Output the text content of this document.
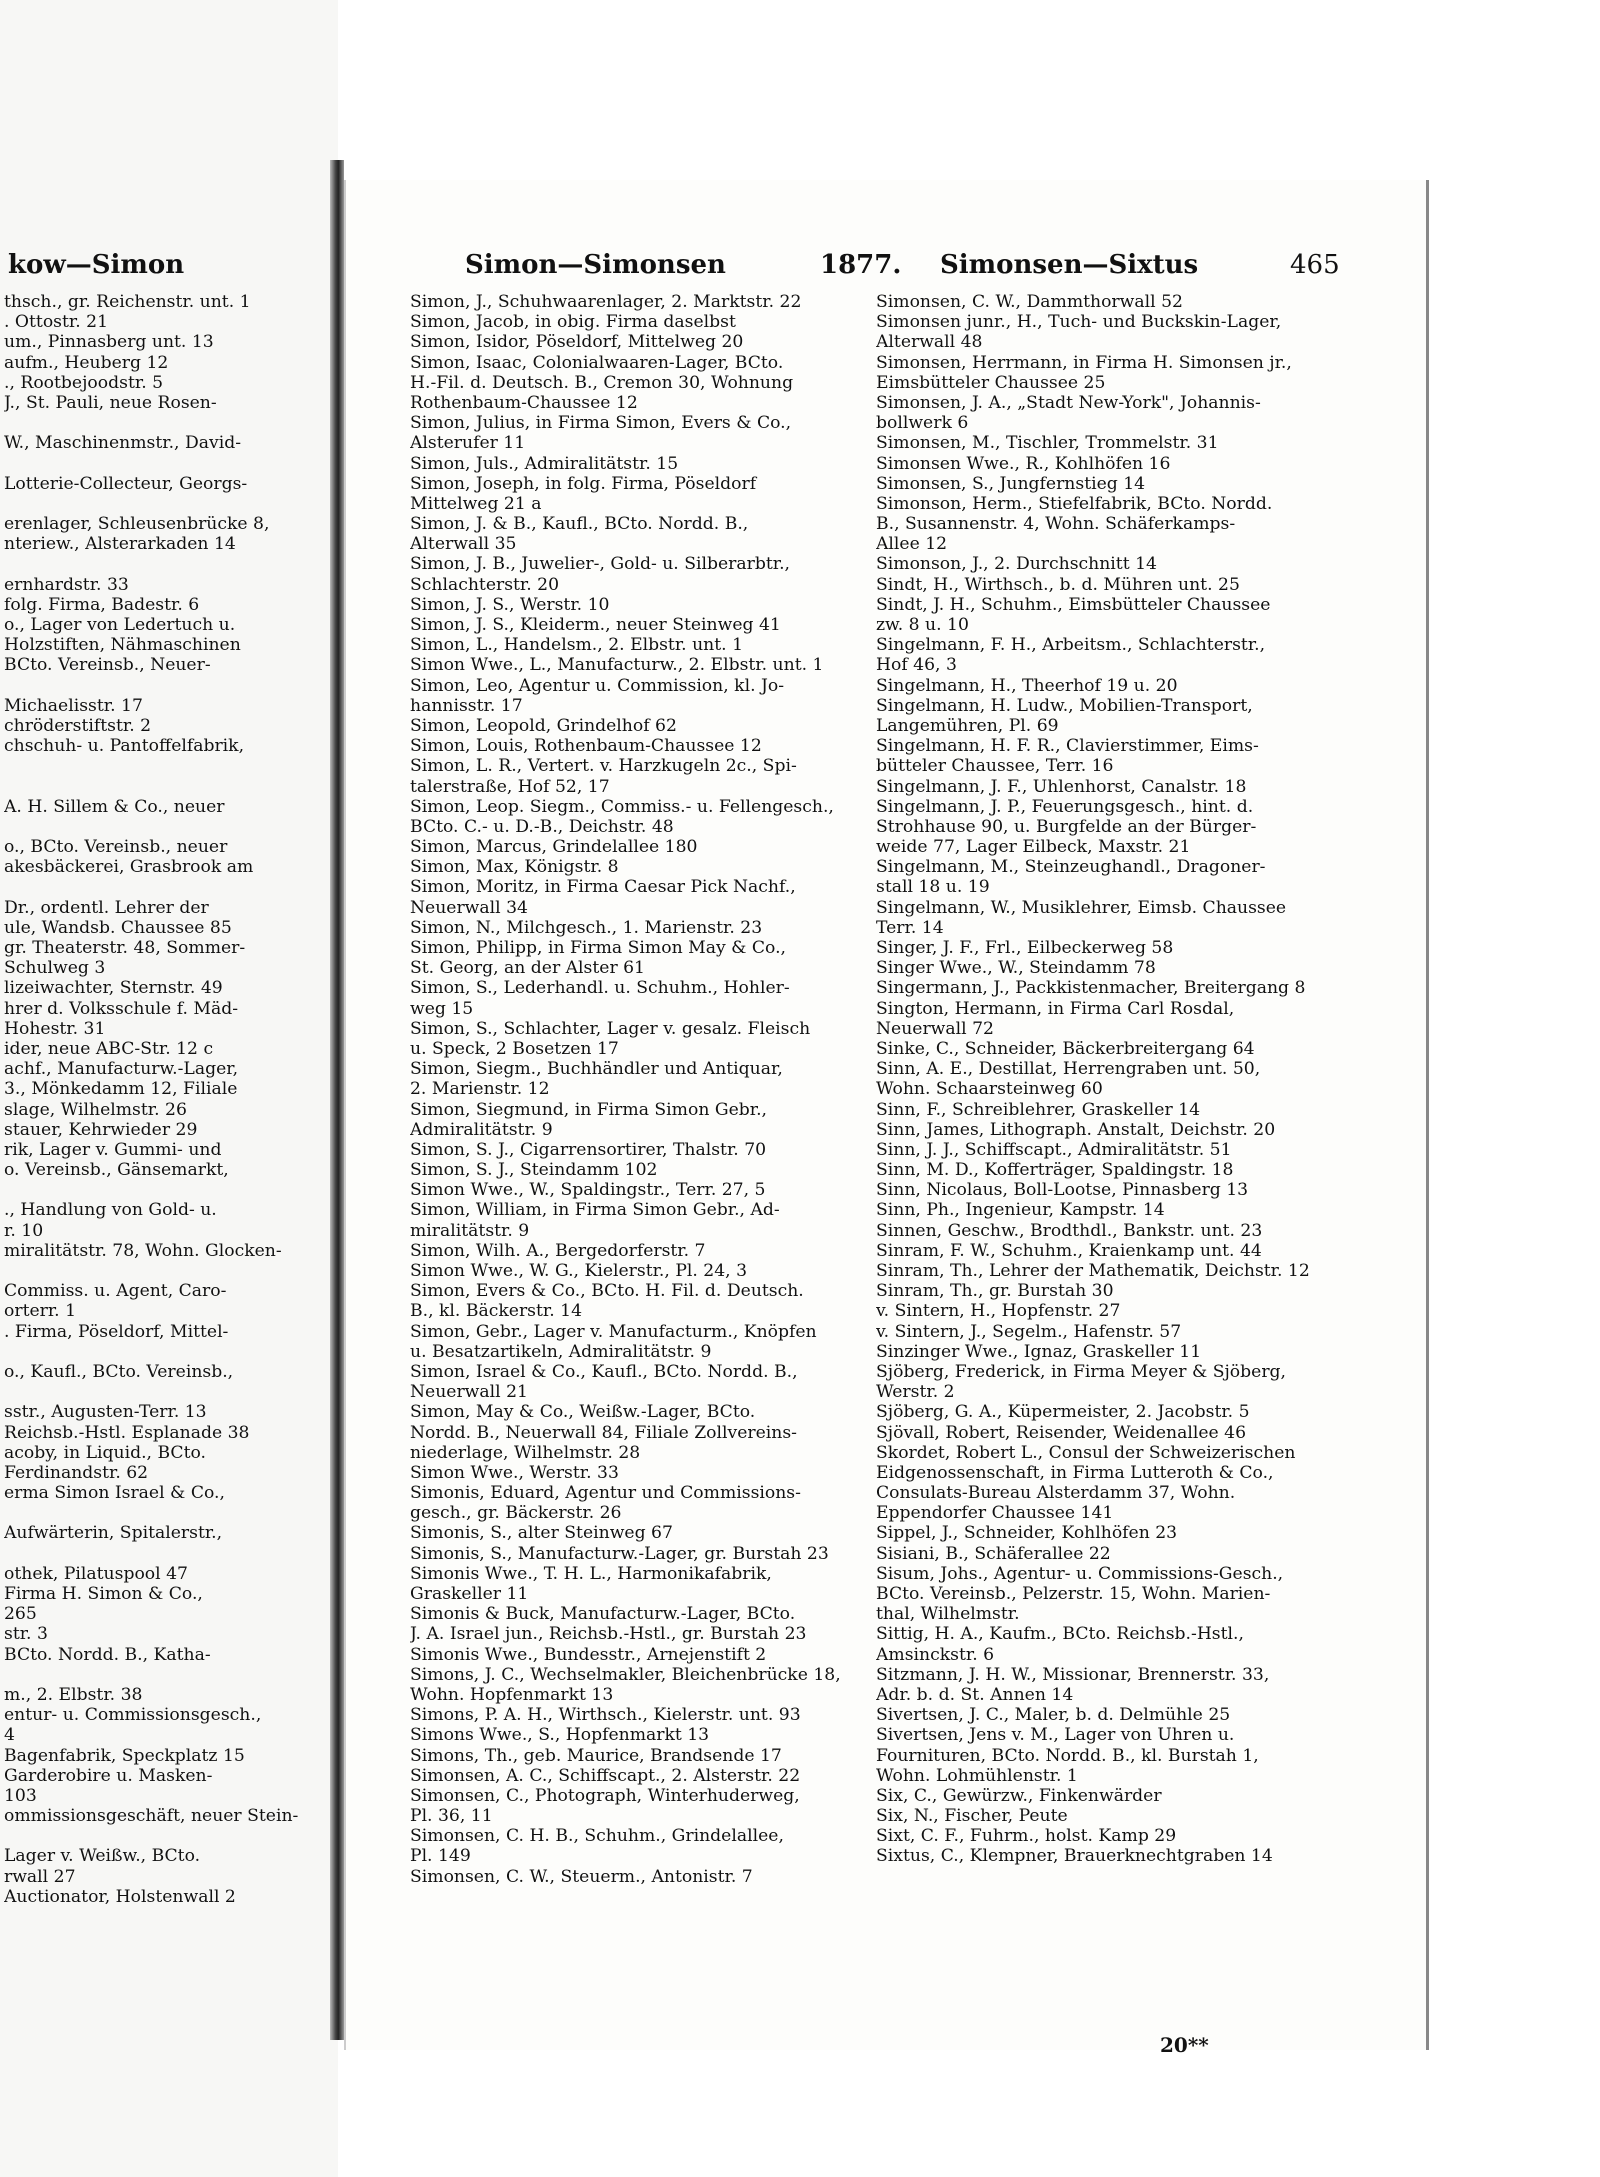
kow—Simon
thsch., gr. Reichenstr. unt. 1
. Ottostr. 21
um., Pinnasberg unt. 13
aufm., Heuberg 12
., Rootbejoodstr. 5
J., St. Pauli, neue Rosen-
W., Maschinenmstr., David-
Lotterie-Collecteur, Georgs-
erenlager, Schleusenbrücke 8,
nteriew., Alsterarkaden 14
ernhardstr. 33
folg. Firma, Badestr. 6
o., Lager von Ledertuch u.
Holzstiften, Nähmaschinen
BCto. Vereinsb., Neuer-
Michaelisstr. 17
chröderstiftstr. 2
chschuh- u. Pantoffelfabrik,
A. H. Sillem & Co., neuer
o., BCto. Vereinsb., neuer
akesbäckerei, Grasbrook am
Dr., ordentl. Lehrer der
ule, Wandsb. Chaussee 85
gr. Theaterstr. 48, Sommer-
Schulweg 3
lizeiwachter, Sternstr. 49
hrer d. Volksschule f. Mäd-
Hohestr. 31
ider, neue ABC-Str. 12 c
achf., Manufacturw.-Lager,
3., Mönkedamm 12, Filiale
slage, Wilhelmstr. 26
stauer, Kehrwieder 29
rik, Lager v. Gummi- und
o. Vereinsb., Gänsemarkt,
., Handlung von Gold- u.
r. 10
miralitätstr. 78, Wohn. Glocken-
Commiss. u. Agent, Caro-
orterr. 1
. Firma, Pöseldorf, Mittel-
o., Kaufl., BCto. Vereinsb.,
sstr., Augusten-Terr. 13
Reichsb.-Hstl. Esplanade 38
acoby, in Liquid., BCto.
Ferdinandstr. 62
erma Simon Israel & Co.,
Aufwärterin, Spitalerstr.,
othek, Pilatuspool 47
Firma H. Simon & Co.,
265
str. 3
BCto. Nordd. B., Katha-
m., 2. Elbstr. 38
entur- u. Commissionsgesch.,
4
Bagenfabrik, Speckplatz 15
Garderobire u. Masken-
103
ommissionsgeschäft, neuer Stein-
Lager v. Weißw., BCto.
rwall 27
Auctionator, Holstenwall 2
Simon—Simonsen	1877. Simonsen—Sixtus	465
Simon, J., Schuhwaarenlager, 2. Marktstr. 22
Simon, Jacob, in obig. Firma daselbst
Simon, Isidor, Pöseldorf, Mittelweg 20
Simon, Isaac, Colonialwaaren-Lager, BCto.
H.-Fil. d. Deutsch. B., Cremon 30, Wohnung
Rothenbaum-Chaussee 12
Simon, Julius, in Firma Simon, Evers & Co.,
Alsterufer 11
Simon, Juls., Admiralitätstr. 15
Simon, Joseph, in folg. Firma, Pöseldorf
Mittelweg 21 a
Simon, J. & B., Kaufl., BCto. Nordd. B.,
Alterwall 35
Simon, J. B., Juwelier-, Gold- u. Silberarbtr.,
Schlachterstr. 20
Simon, J. S., Werstr. 10
Simon, J. S., Kleiderm., neuer Steinweg 41
Simon, L., Handelsm., 2. Elbstr. unt. 1
Simon Wwe., L., Manufacturw., 2. Elbstr. unt. 1
Simon, Leo, Agentur u. Commission, kl. Jo-
hannisstr. 17
Simon, Leopold, Grindelhof 62
Simon, Louis, Rothenbaum-Chaussee 12
Simon, L. R., Vertert. v. Harzkugeln 2c., Spi-
talerstraße, Hof 52, 17
Simon, Leop. Siegm., Commiss.- u. Fellengesch.,
BCto. C.- u. D.-B., Deichstr. 48
Simon, Marcus, Grindelallee 180
Simon, Max, Königstr. 8
Simon, Moritz, in Firma Caesar Pick Nachf.,
Neuerwall 34
Simon, N., Milchgesch., 1. Marienstr. 23
Simon, Philipp, in Firma Simon May & Co.,
St. Georg, an der Alster 61
Simon, S., Lederhandl. u. Schuhm., Hohler-
weg 15
Simon, S., Schlachter, Lager v. gesalz. Fleisch
u. Speck, 2 Bosetzen 17
Simon, Siegm., Buchhändler und Antiquar,
2. Marienstr. 12
Simon, Siegmund, in Firma Simon Gebr.,
Admiralitätstr. 9
Simon, S. J., Cigarrensortirer, Thalstr. 70
Simon, S. J., Steindamm 102
Simon Wwe., W., Spaldingstr., Terr. 27, 5
Simon, William, in Firma Simon Gebr., Ad-
miralitätstr. 9
Simon, Wilh. A., Bergedorferstr. 7
Simon Wwe., W. G., Kielerstr., Pl. 24, 3
Simon, Evers & Co., BCto. H. Fil. d. Deutsch.
B., kl. Bäckerstr. 14
Simon, Gebr., Lager v. Manufacturm., Knöpfen
u. Besatzartikeln, Admiralitätstr. 9
Simon, Israel & Co., Kaufl., BCto. Nordd. B.,
Neuerwall 21
Simon, May & Co., Weißw.-Lager, BCto.
Nordd. B., Neuerwall 84, Filiale Zollvereins-
niederlage, Wilhelmstr. 28
Simon Wwe., Werstr. 33
Simonis, Eduard, Agentur und Commissions-
gesch., gr. Bäckerstr. 26
Simonis, S., alter Steinweg 67
Simonis, S., Manufacturw.-Lager, gr. Burstah 23
Simonis Wwe., T. H. L., Harmonikafabrik,
Graskeller 11
Simonis & Buck, Manufacturw.-Lager, BCto.
J. A. Israel jun., Reichsb.-Hstl., gr. Burstah 23
Simonis Wwe., Bundesstr., Arnejenstift 2
Simons, J. C., Wechselmakler, Bleichenbrücke 18,
Wohn. Hopfenmarkt 13
Simons, P. A. H., Wirthsch., Kielerstr. unt. 93
Simons Wwe., S., Hopfenmarkt 13
Simons, Th., geb. Maurice, Brandsende 17
Simonsen, A. C., Schiffscapt., 2. Alsterstr. 22
Simonsen, C., Photograph, Winterhuderweg,
Pl. 36, 11
Simonsen, C. H. B., Schuhm., Grindelallee,
Pl. 149
Simonsen, C. W., Steuerm., Antonistr. 7
Simonsen, C. W., Dammthorwall 52
Simonsen junr., H., Tuch- und Buckskin-Lager,
Alterwall 48
Simonsen, Herrmann, in Firma H. Simonsen jr.,
Eimsbütteler Chaussee 25
Simonsen, J. A., „Stadt New-York", Johannis-
bollwerk 6
Simonsen, M., Tischler, Trommelstr. 31
Simonsen Wwe., R., Kohlhöfen 16
Simonsen, S., Jungfernstieg 14
Simonson, Herm., Stiefelfabrik, BCto. Nordd.
B., Susannenstr. 4, Wohn. Schäferkamps-
Allee 12
Simonson, J., 2. Durchschnitt 14
Sindt, H., Wirthsch., b. d. Mühren unt. 25
Sindt, J. H., Schuhm., Eimsbütteler Chaussee
zw. 8 u. 10
Singelmann, F. H., Arbeitsm., Schlachterstr.,
Hof 46, 3
Singelmann, H., Theerhof 19 u. 20
Singelmann, H. Ludw., Mobilien-Transport,
Langemühren, Pl. 69
Singelmann, H. F. R., Clavierstimmer, Eims-
bütteler Chaussee, Terr. 16
Singelmann, J. F., Uhlenhorst, Canalstr. 18
Singelmann, J. P., Feuerungsgesch., hint. d.
Strohhause 90, u. Burgfelde an der Bürger-
weide 77, Lager Eilbeck, Maxstr. 21
Singelmann, M., Steinzeughandl., Dragoner-
stall 18 u. 19
Singelmann, W., Musiklehrer, Eimsb. Chaussee
Terr. 14
Singer, J. F., Frl., Eilbeckerweg 58
Singer Wwe., W., Steindamm 78
Singermann, J., Packkistenmacher, Breitergang 8
Sington, Hermann, in Firma Carl Rosdal,
Neuerwall 72
Sinke, C., Schneider, Bäckerbreitergang 64
Sinn, A. E., Destillat, Herrengraben unt. 50,
Wohn. Schaarsteinweg 60
Sinn, F., Schreiblehrer, Graskeller 14
Sinn, James, Lithograph. Anstalt, Deichstr. 20
Sinn, J. J., Schiffscapt., Admiralitätstr. 51
Sinn, M. D., Kofferträger, Spaldingstr. 18
Sinn, Nicolaus, Boll-Lootse, Pinnasberg 13
Sinn, Ph., Ingenieur, Kampstr. 14
Sinnen, Geschw., Brodthdl., Bankstr. unt. 23
Sinram, F. W., Schuhm., Kraienkamp unt. 44
Sinram, Th., Lehrer der Mathematik, Deichstr. 12
Sinram, Th., gr. Burstah 30
v. Sintern, H., Hopfenstr. 27
v. Sintern, J., Segelm., Hafenstr. 57
Sinzinger Wwe., Ignaz, Graskeller 11
Sjöberg, Frederick, in Firma Meyer & Sjöberg,
Werstr. 2
Sjöberg, G. A., Küpermeister, 2. Jacobstr. 5
Sjövall, Robert, Reisender, Weidenallee 46
Skordet, Robert L., Consul der Schweizerischen
Eidgenossenschaft, in Firma Lutteroth & Co.,
Consulats-Bureau Alsterdamm 37, Wohn.
Eppendorfer Chaussee 141
Sippel, J., Schneider, Kohlhöfen 23
Sisiani, B., Schäferallee 22
Sisum, Johs., Agentur- u. Commissions-Gesch.,
BCto. Vereinsb., Pelzerstr. 15, Wohn. Marien-
thal, Wilhelmstr.
Sittig, H. A., Kaufm., BCto. Reichsb.-Hstl.,
Amsinckstr. 6
Sitzmann, J. H. W., Missionar, Brennerstr. 33,
Adr. b. d. St. Annen 14
Sivertsen, J. C., Maler, b. d. Delmühle 25
Sivertsen, Jens v. M., Lager von Uhren u.
Fournituren, BCto. Nordd. B., kl. Burstah 1,
Wohn. Lohmühlenstr. 1
Six, C., Gewürzw., Finkenwärder
Six, N., Fischer, Peute
Sixt, C. F., Fuhrm., holst. Kamp 29
Sixtus, C., Klempner, Brauerknechtgraben 14
20**
